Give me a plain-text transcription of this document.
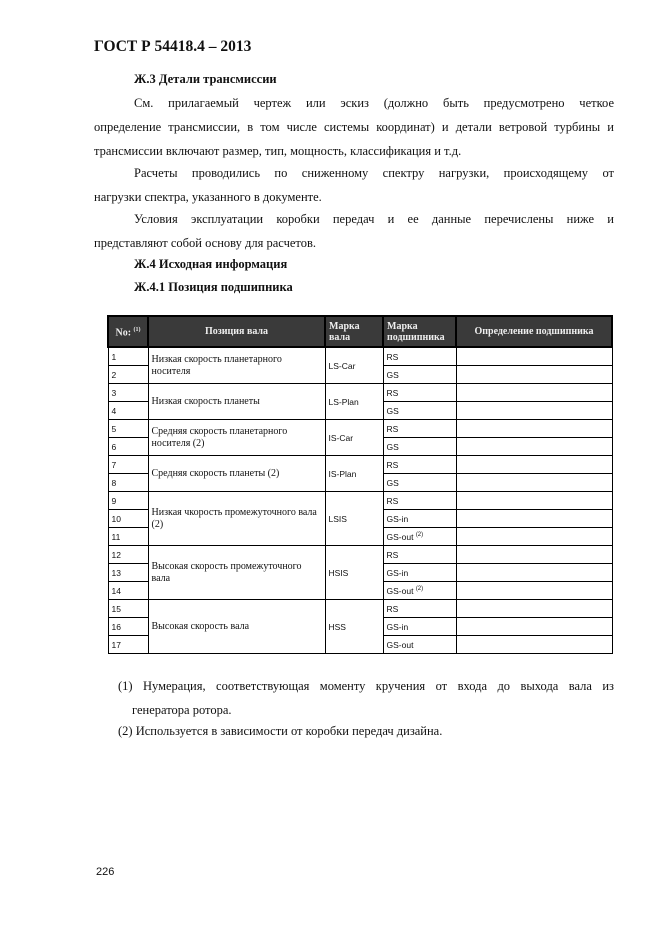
ГОСТ Р 54418.4 – 2013
Ж.3 Детали трансмиссии
См. прилагаемый чертеж или эскиз (должно быть предусмотрено четкое
определение трансмиссии, в том числе системы координат) и детали ветровой турбины и
трансмиссии включают размер, тип, мощность, классификация и т.д.
Расчеты проводились по сниженному спектру нагрузки, происходящему от
нагрузки спектра, указанного в документе.
Условия эксплуатации коробки передач и ее данные перечислены ниже и
представляют собой основу для расчетов.
Ж.4 Исходная информация
Ж.4.1 Позиция подшипника
No: $^{(1)}$	Позиция вала	Марка вала	Марка подшипника	Определение подшипника
1	Низкая скорость планетарного носителя	LS-Car	RS	
2			GS	
3	Низкая скорость планеты	LS-Plan	RS	
4			GS	
5	Средняя скорость планетарного носителя (2)	IS-Car	RS	
6			GS	
7	Средняя скорость планеты (2)	IS-Plan	RS	
8			GS	
9	Низкая чкорость промежуточного вала (2)	LSIS	RS	
10			GS-in	
11			GS-out $^{(2)}$	
12	Высокая скорость промежуточного вала	HSIS	RS	
13			GS-in	
14			GS-out $^{(2)}$	
15	Высокая скорость вала	HSS	RS	
16			GS-in	
17			GS-out	
(1) Нумерация, соответствующая моменту кручения от входа до выхода вала из
генератора ротора.
(2) Используется в зависимости от коробки передач дизайна.
226
